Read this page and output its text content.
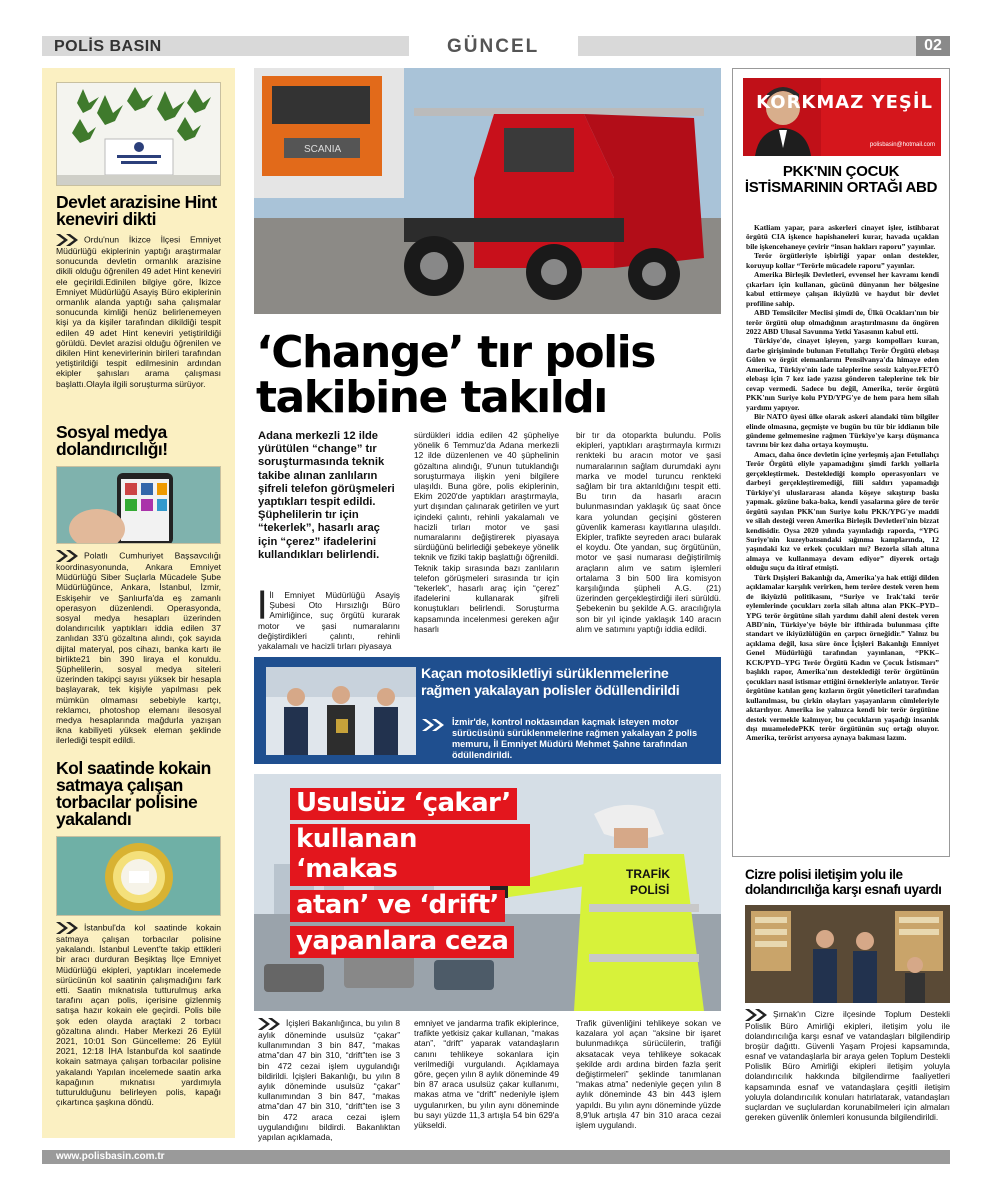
POLİS BASIN	GÜNCEL	02
Devlet arazisine Hint keneviri dikti
Ordu'nun İkizce İlçesi Emniyet Müdürlüğü ekiplerinin yaptığı araştırmalar sonucunda devletin ormanlık arazisine dikili olduğu öğrenilen 49 adet Hint keneviri ele geçirildi.Edinilen bilgiye göre, İkizce Emniyet Müdürlüğü Asayiş Büro ekiplerinin ormanlık alanda yaptığı saha çalışmalar sonucunda kimliği henüz belirlenemeyen kişi ya da kişiler tarafından dikildiği tespit edilen 49 adet Hint keneviri yetiştirildiği görüldü. Devlet arazisi olduğu öğrenilen ve dikilen Hint kenevirlerinin birileri tarafından yetiştirildiği tespit edilmesinin ardından ekipler şahısları arama çalışması başlattı.Olayla ilgili soruşturma sürüyor.
Sosyal medya dolandırıcılığı!
Polatlı Cumhuriyet Başsavcılığı koordinasyonunda, Ankara Emniyet Müdürlüğü Siber Suçlarla Mücadele Şube Müdürlüğünce, Ankara, İstanbul, İzmir, Eskişehir ve Şanlıurfa'da eş zamanlı operasyon düzenlendi. Operasyonda, sosyal medya hesapları üzerinden dolandırıcılık yaptıkları iddia edilen 37 zanlıdan 33'ü gözaltına alındı, çok sayıda dijital materyal, pos cihazı, banka kartı ile birlikte21 bin 390 liraya el konuldu. Şüphelilerin, sosyal medya siteleri üzerinden takipçi sayısı yüksek bir hesapla başlayarak, tek kişiyle yapılması pek mümkün olmaması sebebiyle kartçı, reklamcı, photoshop elemanı ilesosyal medya hesaplarında mağdurla yazışan ikna kabiliyeti yüksek eleman şeklinde ilerlediği tespit edildi.
Kol saatinde kokain satmaya çalışan torbacılar polisine yakalandı
İstanbul'da kol saatinde kokain satmaya çalışan torbacılar polisine yakalandı. İstanbul Levent'te takip ettikleri bir aracı durduran Beşiktaş İlçe Emniyet Müdürlüğü ekipleri, yaptıkları incelemede sürücünün kol saatinin çalışmadığını fark etti. Saatin mıknatısla tutturulmuş arka tarafını açan polis, içerisine gizlenmiş satışa hazır kokain ele geçirdi. Polis bile şok eden olayda araçtaki 2 torbacı gözaltına alındı. Haber Merkezi 26 Eylül 2021, 10:01 Son Güncelleme: 26 Eylül 2021, 12:18 İHA İstanbul'da kol saatinde kokain satmaya çalışan torbacılar polisine yakalandı Yapılan incelemede saatin arka kapağının mıknatısı yardımıyla tutturulduğunu belirleyen polis, kapağı çıkartınca şaşkına döndü.
SCANIA
‘Change’ tır polis
takibine takıldı
Adana merkezli 12 ilde yürütülen “change” tır soruşturmasında teknik takibe alınan zanlıların şifreli telefon görüşmeleri yaptıkları tespit edildi. Şüphelilerin tır için “tekerlek”, hasarlı araç için “çerez” ifadelerini kullandıkları belirlendi.
| İl Emniyet Müdürlüğü Asayiş Şubesi Oto Hırsızlığı Büro Amirliğince, suç örgütü kurarak motor ve şasi numaralarını değiştirdikleri çalıntı, rehinli yakalamalı ve hacizli tırları piyasaya
sürdükleri iddia edilen 42 şüpheliye yönelik 6 Temmuz'da Adana merkezli 12 ilde düzenlenen ve 40 şüphelinin gözaltına alındığı, 9'unun tutuklandığı soruşturmaya ilişkin yeni bilgilere ulaşıldı. Buna göre, polis ekiplerinin, Ekim 2020'de yaptıkları araştırmayla, yurt dışından çalınarak getirilen ve yurt içindeki çalıntı, rehinli yakalamalı ve hacizli tırları motor ve şasi numaralarını değiştirerek piyasaya sürdüğünü belirlediği şebekeye yönelik teknik ve fiziki takip başlattığı öğrenildi. Teknik takip sırasında bazı zanlıların telefon görüşmeleri sırasında tır için “tekerlek”, hasarlı araç için “çerez” ifadelerini kullanarak şifreli konuştukları belirlendi. Soruşturma kapsamında incelenmesi gereken ağır hasarlı
bir tır da otoparkta bulundu. Polis ekipleri, yaptıkları araştırmayla kırmızı renkteki bu aracın motor ve şasi numaralarının sağlam durumdaki aynı marka ve model turuncu renkteki sağlam bir tıra aktarıldığını tespit etti. Bu tırın da hasarlı aracın bulunmasından yaklaşık üç saat önce kara yolundan geçişini gösteren güvenlik kamerası kayıtlarına ulaşıldı. Ekipler, trafikte seyreden aracı bularak el koydu. Öte yandan, suç örgütünün, motor ve şasi numarası değiştirilmiş araçların alım ve satım işlemleri ortalama 3 bin 500 lira komisyon karşılığında şüpheli A.G. (21) üzerinden gerçekleştirdiği ileri sürüldü. Şebekenin bu şekilde A.G. aracılığıyla son bir yıl içinde yaklaşık 140 aracın alım ve satımını yaptığı iddia edildi.
Kaçan motosikletliyi sürüklenmelerine rağmen yakalayan polisler ödüllendirildi
İzmir'de, kontrol noktasından kaçmak isteyen motor sürücüsünü sürüklenmelerine rağmen yakalayan 2 polis memuru, İl Emniyet Müdürü Mehmet Şahne tarafından ödüllendirildi.
TRAFİK
POLİSİ
Usulsüz ‘çakar’
kullanan ‘makas
atan’ ve ‘drift’
yapanlara ceza
İçişleri Bakanlığınca, bu yılın 8 aylık döneminde usulsüz “çakar” kullanımından 3 bin 847, “makas atma”dan 47 bin 310, “drift”ten ise 3 bin 472 cezai işlem uygulandığı bildirildi. İçişleri Bakanlığı, bu yılın 8 aylık döneminde usulsüz “çakar” kullanımından 3 bin 847, “makas atma”dan 47 bin 310, “drift”ten ise 3 bin 472 araca cezai işlem uygulandığını bildirdi. Bakanlıktan yapılan açıklamada,
emniyet ve jandarma trafik ekiplerince, trafikte yetkisiz çakar kullanan, “makas atan”, “drift” yaparak vatandaşların canını tehlikeye sokanlara için verilmediği vurgulandı. Açıklamaya göre, geçen yılın 8 aylık döneminde 49 bin 87 araca usulsüz çakar kullanımı, makas atma ve “drift” nedeniyle işlem uygulanırken, bu yılın aynı döneminde bu sayı yüzde 11,3 artışla 54 bin 629'a yükseldi.
Trafik güvenliğini tehlikeye sokan ve kazalara yol açan “aksine bir işaret bulunmadıkça sürücülerin, trafiği aksatacak veya tehlikeye sokacak şekilde ardı ardına birden fazla şerit değiştirmeleri” şeklinde tanımlanan “makas atma” nedeniyle geçen yılın 8 aylık döneminde 43 bin 443 işlem yapıldı. Bu yılın aynı döneminde yüzde 8,9'luk artışla 47 bin 310 araca cezai işlem uygulandı.
KORKMAZ YEŞİL
polisbasin@hotmail.com
PKK'NIN ÇOCUK İSTİSMARININ ORTAĞI ABD

Katliam yapar, para askerleri cinayet işler, istihbarat örgütü CIA işkence hapishaneleri kurar, havada uçaklan bile işkencehaneye çevirir “insan hakları raporu” yayınlar.

Terör örgütleriyle işbirliği yapar onlan destekler, koruyup kollar “Terörle mücadele raporu” yayınlar.

Amerika Birleşik Devletleri, evvensel her kavramı kendi çıkarları için kullanan, gücünü dünyanın her bölgesine kabul ettirmeye çalışan ikiyüzlü ve haydut bir devlet profiline sahip.

ABD Temsilciler Meclisi şimdi de, Ülkü Ocakları'nın bir terör örgütü olup olmadığının araştırılmasını da öngören 2022 ABD Ulusal Savunma Yetki Yasasının kabul etti.

Türkiye'de, cinayet işleyen, yargı kompolları kuran, darbe girişiminde bulunan Fetullahçı Terör Örgütü elebaşı Gülen ve örgüt elemanlarını Pensilvanya'da himaye eden Amerika, Türkiye'nin iade taleplerine sessiz kalıyor.FETÖ elebaşı için 7 kez iade yazısı gönderen taleplerine tek bir cevap vermedi. Sadece bu değil, Amerika, terör örgütü PKK'nın Suriye kolu PYD/YPG'ye de hem para hem silah yardımı yapıyor.

Bir NATO üyesi ülke olarak askeri alandaki tüm bilgiler elinde olmasına, geçmişte ve bugün bu tür bir iddianın bile gündeme gelmemesine rağmen Türkiye'ye karşı düşmanca tavrını bir kez daha ortaya koymuştu.

Amacı, daha önce devletin içine yerleşmiş ajan Fetullahçı Terör Örgütü eliyle yapamadığını şimdi farklı yollarla gerçekleştirmek. Desteklediği komplo operasyonları ve darbeyi gerçekleştiremediği, fiili saldırı yapamadığı Türkiye'yi uluslararası alanda köşeye sıkıştırıp baskı yapmak. gözüne baka-baka, kendi yasalarına göre de terör örgütü sayılan PKK'nın Suriye kolu PKK/YPG'ye maddi ve silah desteği veren Amerika Birleşik Devletleri'nin bizzat kendisidir. Oysa 2020 yılında yayınladığı raporda, “YPG Suriye'nin kuzeybatısındaki sığınma kamplarında, 12 yaşındaki kız ve erkek çocukları mı? Bezorla silah altına almaya ve kullanmaya devam ediyor” diyerek ortağı olduğu suçu da itiraf etmişti.

Türk Dışişleri Bakanlığı da, Amerika'ya hak ettiği dilden açıklamalar karşılık verirken, hem teröre destek veren hem de ikiyüzlü politikasını, “Suriye ve Irak'taki terör eylemlerinde çocukları zorla silah altına alan PKK–PYD–YPG terör örgütüne silah yardımı dahil aleni destek veren ABD'nin, Türkiye'ye böyle bir ifthirada bulunması çifte standart ve ikiyüzlülüğün en çarpıcı örneğidir.” Yalnız bu açıklama değil, kısa süre önce İçişleri Bakanlığı Emniyet Genel Müdürlüğü tarafından yayınlanan, “PKK–KCK/PYD–YPG Terör Örgütü Kadın ve Çocuk İstismarı” başlıklı rapor, Amerika'nın desteklediği terör örgütünün çocukları nasıl istismar ettiğini örnekleriyle anlatıyor. Terör örgütüne katılan genç kızların örgüt yöneticileri tarafından kullanılması, bu çirkin olayları yaşayanların cümleleriyle aktarılıyor. Amerika ise yalnızca kendi bir terör örgütüne destek vermekle kalmıyor, bu çocukların yaşadığı insanlık dışı muameledePKK terör örgütünün suç ortağı oluyor. Amerika, terörist arıyorsa aynaya bakması lazım.

Cizre polisi iletişim yolu ile dolandırıcılığa karşı esnafı uyardı
Şırnak'ın Cizre ilçesinde Toplum Destekli Polislik Büro Amirliği ekipleri, iletişim yolu ile dolandırıcılığa karşı esnaf ve vatandaşları bilgilendirip broşür dağıttı. Güvenli Yaşam Projesi kapsamında, esnaf ve vatandaşlarla bir araya gelen Toplum Destekli Polislik Büro Amirliği ekipleri iletişim yoluyla dolandırıcılık hakkında bilgilendirme faaliyetleri kapsamında esnaf ve vatandaşlara çeşitli iletişim yoluyla dolandırıcılık konuları hatırlatarak, vatandaşları suçlardan ve suçlulardan korunabilmeleri için almaları gereken güvenlik önlemleri konusunda bilgilendirildi.
www.polisbasin.com.tr
